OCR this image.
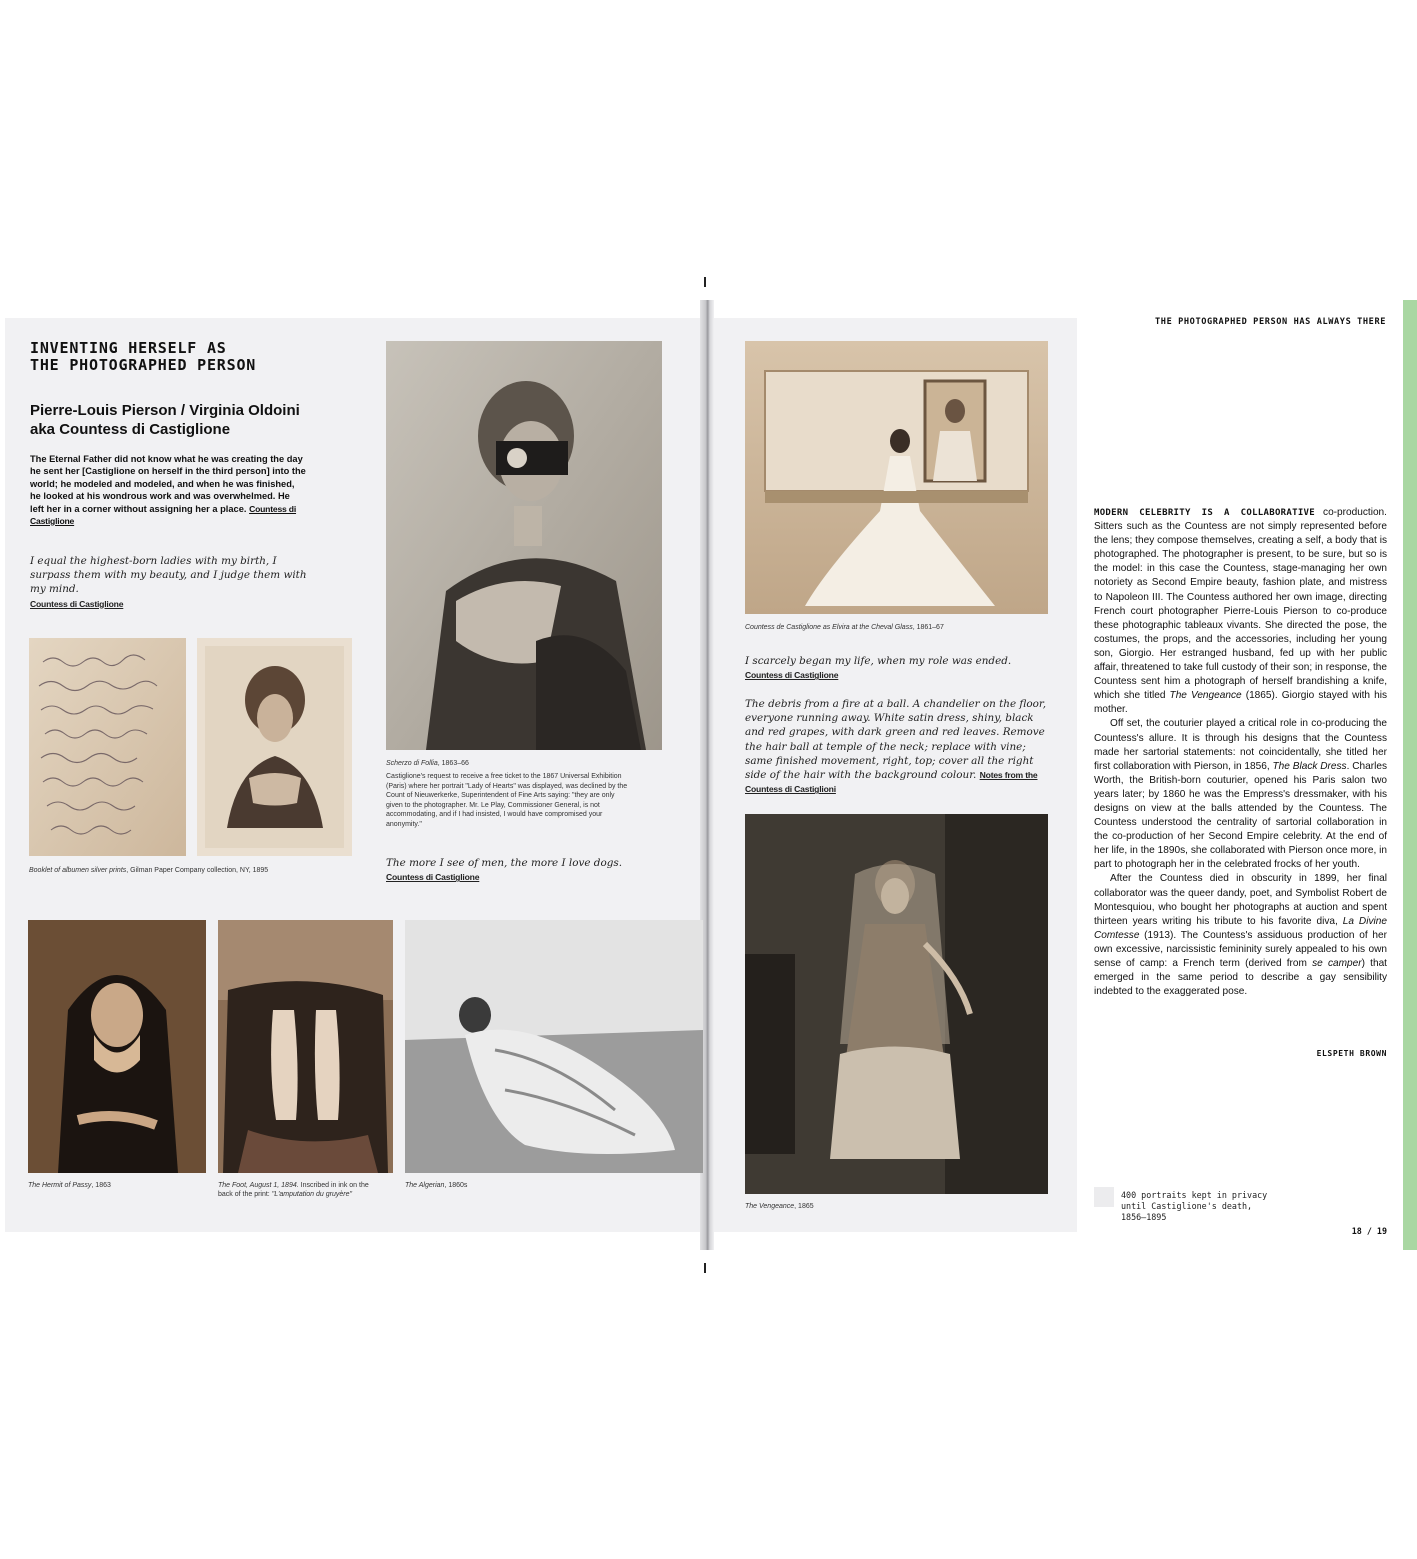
INVENTING HERSELF AS
THE PHOTOGRAPHED PERSON
Pierre-Louis Pierson / Virginia Oldoini
aka Countess di Castiglione
The Eternal Father did not know what he was creating the day he sent her [Castiglione on herself in the third person] into the world; he modeled and modeled, and when he was finished, he looked at his wondrous work and was overwhelmed. He left her in a corner without assigning her a place. Countess di Castiglione
I equal the highest-born ladies with my birth, I surpass them with my beauty, and I judge them with my mind.
Countess di Castiglione
Booklet of albumen silver prints, Gilman Paper Company collection, NY, 1895
Scherzo di Follia, 1863–66
Castiglione's request to receive a free ticket to the 1867 Universal Exhibition (Paris) where her portrait "Lady of Hearts" was displayed, was declined by the Count of Nieuwerkerke, Superintendent of Fine Arts saying: "they are only given to the photographer. Mr. Le Play, Commissioner General, is not accommodating, and if I had insisted, I would have compromised your anonymity."
The more I see of men, the more I love dogs.
Countess di Castiglione
The Hermit of Passy, 1863	The Foot, August 1, 1894. Inscribed in ink on the back of the print: "L'amputation du gruyère"
The Algerian, 1860s
Countess de Castiglione as Elvira at the Cheval Glass, 1861–67
I scarcely began my life, when my role was ended.
Countess di Castiglione
The debris from a fire at a ball. A chandelier on the floor, everyone running away. White satin dress, shiny, black and red grapes, with dark green and red leaves. Remove the hair ball at temple of the neck; replace with vine; same finished movement, right, top; cover all the right side of the hair with the background colour. Notes from the Countess di Castiglioni
The Vengeance, 1865
THE PHOTOGRAPHED PERSON HAS ALWAYS THERE

MODERN CELEBRITY IS A COLLABORATIVE co-production. Sitters such as the Countess are not simply represented before the lens; they compose themselves, creating a self, a body that is photographed. The photographer is present, to be sure, but so is the model: in this case the Countess, stage-managing her own notoriety as Second Empire beauty, fashion plate, and mistress to Napoleon III. The Countess authored her own image, directing French court photographer Pierre-Louis Pierson to co-produce these photographic tableaux vivants. She directed the pose, the costumes, the props, and the accessories, including her young son, Giorgio. Her estranged husband, fed up with her public affair, threatened to take full custody of their son; in response, the Countess sent him a photograph of herself brandishing a knife, which she titled The Vengeance (1865). Giorgio stayed with his mother.

Off set, the couturier played a critical role in co-producing the Countess's allure. It is through his designs that the Countess made her sartorial statements: not coincidentally, she titled her first collaboration with Pierson, in 1856, The Black Dress. Charles Worth, the British-born couturier, opened his Paris salon two years later; by 1860 he was the Empress's dressmaker, with his designs on view at the balls attended by the Countess. The Countess understood the centrality of sartorial collaboration in the co-production of her Second Empire celebrity. At the end of her life, in the 1890s, she collaborated with Pierson once more, in part to photograph her in the celebrated frocks of her youth.

After the Countess died in obscurity in 1899, her final collaborator was the queer dandy, poet, and Symbolist Robert de Montesquiou, who bought her photographs at auction and spent thirteen years writing his tribute to his favorite diva, La Divine Comtesse (1913). The Countess's assiduous production of her own excessive, narcissistic femininity surely appealed to his own sense of camp: a French term (derived from se camper) that emerged in the same period to describe a gay sensibility indebted to the exaggerated pose.

ELSPETH BROWN
400 portraits kept in privacy until Castiglione's death, 1856–1895
18 / 19
